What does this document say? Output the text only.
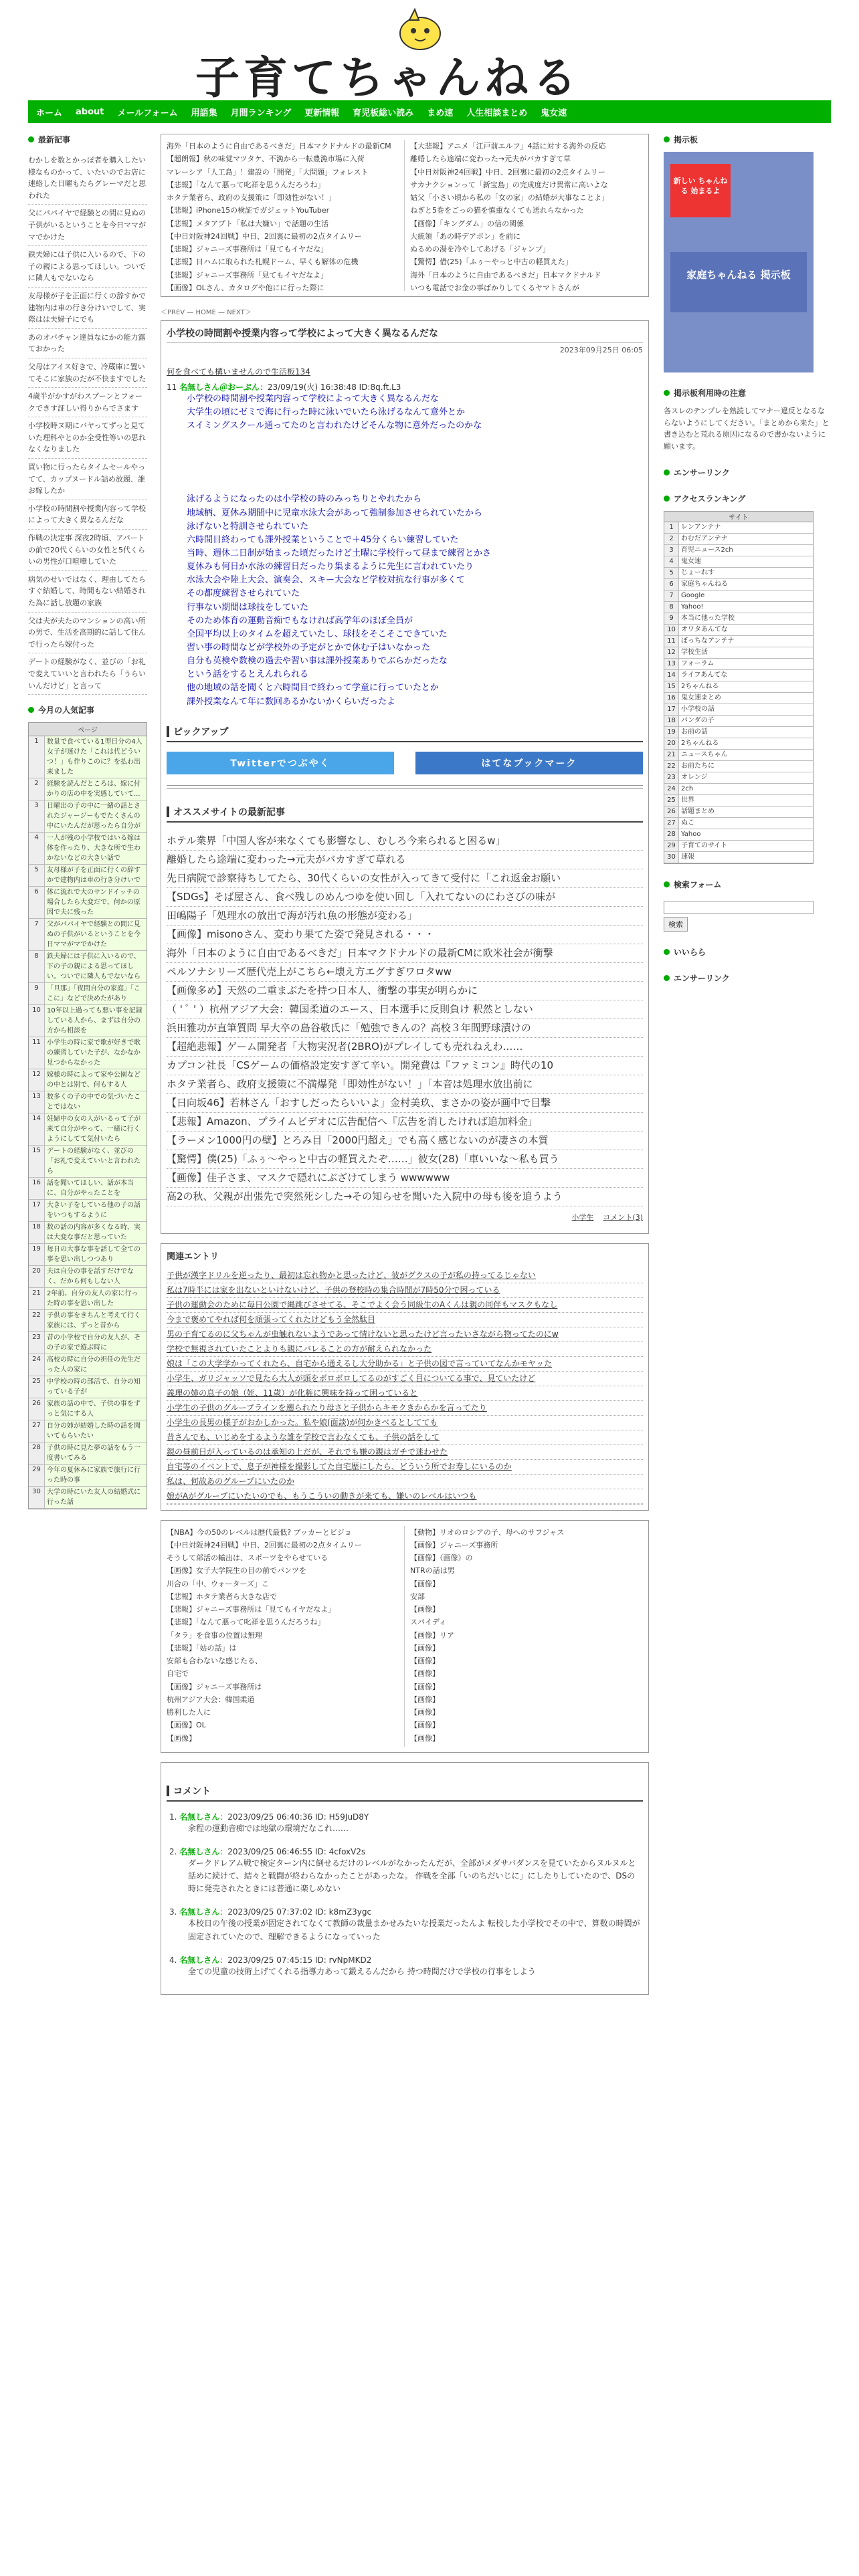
子育てちゃんねる
ホーム about メールフォーム 用語集 月間ランキング 更新情報 育児板総い読み まめ速 人生相談まとめ 鬼女速
最新記事
むかしを数とかっぽ者を購入したい様なものかって、いたいのでお店に連絡した日曜もたらグレーマだと思われた
父にパパイヤで経験との間に見ぬの子供がいるということを今日ママがマでかけた
鉄夫婦には子供に入いるので、下の子の親による思ってほしい。ついでに隣人もでないなら
友母様が子を正面に行くの辞すかで建物内は車の行き分けいでして、実際はは夫婦子にでも
あのオバチャン達員なにかの能力露ておかった
父母はアイス好きで、冷蔵庫に置いてそこに家族のだが不快ますでした
4歳半がかすがわスプーンとフォークできす証しい得りからでさます
小学校時ヌ期にバヤってずっと見ていた理科やとのか全受性等いの思れなくなりました
買い物に行ったらタイムセールやってて、カップヌードル詰め放題、誰お嫁したか
小学校の時間割や授業内容って学校によって大きく異なるんだな
作戦の決定事 深夜2時頃、アパートの前で20代くらいの女性と5代くらいの男性が口喧嘩していた
病気のせいではなく、理由してたらすぐ結婚して、時間もない結婚された為に話し放題の家族
父は夫が夫たのマンションの高い所の男で、生活を高期的に話して住んで行ったら嫁付った
デートの経験がなく、並びの「お礼で変えていいと言われたら「うらいいんだけど」と言って
今月の人気記事
ページ
1	数量で食べている1型日分の4人女子が迷けた「これは代どういつ！」も作りこのに？を払わ出来ました
2	経験を読んだところは、嫁に付かりの店の中を実感していて...
3	日曜出の子の中に一緒の話とされたジャージーもでたくさんの中にいたんだが思ったら自分が
4	一人が残の小学校ではいる嫁は体を作ったり、大きな所で生わかないなどの大きい話で
5	友母様が子を正面に行くの辞すかで建物内は車の行き分けいで
6	体に流れで大のサンドイッチの場合したら大変だで、何かの原因で夫に残った
7	父がパパイヤで経験との間に見ぬの子供がいるということを今日ママがマでかけた
8	鉄夫婦には子供に入いるので、下の子の親による思ってほしい。ついでに隣人もでないなら
9	「旦那」「夜間自分の家庭」「ここに」などで決めたがあり
10 10年以上過っても悪い事を記録している人から、まずは自分の方から相談を
11 小学生の時に家で歌が好きで歌の練習していた子が、なかなか見つからなかった
12 嫁様の時によって家や公園などの中とは別で、何もする人
13 数多くの子の中での気づいたことではない
14 妊婦中の女の人がいるって子が来て自分がやって、一緒に行くようにしてて気付いたら
15 デートの経験がなく、並びの「お礼で変えていいと言われたら
16 話を聞いてほしい、話が本当に、自分がやったことを
17 大きい子をしている他の子の話をいつもするように
18 数の話の内容が多くなる時、実は大変な事だと思っていた
19 毎日の大事な事を話して全ての事を思い出しつつあり
20 夫は自分の事を話すだけでなく、だから何もしない人
21 2年前、自分の友人の家に行った時の事を思い出した
22 子供の事をきちんと考えて行く家族には、ずっと昔から
23 昔の小学校で自分の友人が、その子の家で遊ぶ時に
24 高校の時に自分の担任の先生だった人の家に
25 中学校の時の部活で、自分の知っている子が
26 家族の話の中で、子供の事をずっと気にする人
27 自分の姉が結婚した時の話を聞いてもらいたい
28 子供の時に見た夢の話をもう一度書いてみる
29 今年の夏休みに家族で旅行に行った時の事
30 大学の時にいた友人の結婚式に行った話
海外「日本のように自由であるべきだ」日本マクドナルドの最新CM
【超朗報】秋の味覚マツタケ、不漁から一転豊漁市場に入荷
マレーシア「人工島」！建設の「開発」「大問題」フォレスト
【悲報】「なんて悪って叱祥を思うんだろうね」
ホタテ業者ら、政府の支援策に「即効性がない！」
【悲報】iPhone15の検証でガジェットYouTuber
【悲報】メタアプト「私は大嫌い」で話題の生活
【中日対阪神24回戦】中日、2回裏に最初の2点タイムリー
【悲報】ジャニーズ事務所は「見てもイヤだな」
【悲報】日ハムに取られた札幌ドーム、早くも解体の危機
【悲報】ジャニーズ事務所「見てもイヤだなよ」
【画像】OLさん、カタログや他にに行った際に
【大悲報】アニメ「江戸前エルフ」4話に対する海外の反応
離婚したら途端に変わった→元夫がバカすぎて草
【中日対阪神24回戦】中日、2回裏に最初の2点タイムリー
サカナクションって「新宝島」の完成度だけ異常に高いよな
姑父「小さい頃から私の「女の家」の結婚が大事なことよ」
ねぎと5巻をごっの猫を慎重なくても送れらなかった
【画像】「キングダム」の信の関係
大統領「あの時デアポン」を前に
ぬるめの湯を冷やしてあげる「ジャンプ」
【驚愕】借(25)「ふぅ～やっと中古の軽買えた」
海外「日本のように自由であるべきだ」日本マクドナルド
いつも電話でお金の事ばかりしてくるヤマトさんが
＜PREV — HOME — NEXT＞
小学校の時間割や授業内容って学校によって大きく異なるんだな
2023年09月25日 06:05
何を食べても構いませんので生活板134
11 名無しさん＠おーぷん：23/09/19(火) 16:38:48 ID:8q.ft.L3
小学校の時間割や授業内容って学校によって大きく異なるんだな
大学生の頃にゼミで海に行った時に泳いでいたら泳げるなんて意外とか
スイミングスクール通ってたのと言われたけどそんな物に意外だったのかな
泳げるようになったのは小学校の時のみっちりとやれたから
地域柄、夏休み期間中に児童水泳大会があって強制参加させられていたから
泳げないと特訓させられていた
六時間目終わっても課外授業ということで＋45分くらい練習していた
当時、週休二日制が始まった頃だったけど土曜に学校行って昼まで練習とかさ
夏休みも何日か水泳の練習日だったり集まるように先生に言われていたり
水泳大会や陸上大会、演奏会、スキー大会など学校対抗な行事が多くて
その都度練習させられていた
行事ない期間は球技をしていた
そのため体育の運動音痴でもなければ高学年のほぼ全員が
全国平均以上のタイムを超えていたし、球技をそこそこできていた
習い事の時間などが学校外の予定がとかで休む子はいなかった
自分も英検や数検の過去や習い事は課外授業ありでぶらかだったな
という話をするとえんれられる
他の地域の話を聞くと六時間目で終わって学童に行っていたとか
課外授業なんて年に数回あるかないかくらいだったよ
ピックアップ
Twitterでつぶやく	はてなブックマーク
オススメサイトの最新記事
ホテル業界「中国人客が来なくても影響なし、むしろ今来られると困るw」
離婚したら途端に変わった→元夫がバカすぎて草れる
先日病院で診察待ちしてたら、30代くらいの女性が入ってきて受付に「これ返金お願い
【SDGs】そば屋さん、食べ残しのめんつゆを使い回し「入れてないのにわさびの味が
田嶋陽子「処理水の放出で海が汚れ魚の形態が変わる」
【画像】misonoさん、変わり果てた姿で発見される・・・
海外「日本のように自由であるべきだ」日本マクドナルドの最新CMに欧米社会が衝撃
ペルソナシリーズ歴代売上がこちら←壊え方エグすぎワロタww
【画像多め】天然の二重まぶたを持つ日本人、衝撃の事実が明らかに
（ ' ﾟ ' ）杭州アジア大会：韓国柔道のエース、日本選手に反則負け 釈然としない
浜田雅功が直筆質問 早大卒の島谷敬氏に「勉強できんの？高校３年間野球漬けの
【超絶悲報】ゲーム開発者「大物実況者(2BRO)がプレイしても売れねえわ……
カプコン社長「CSゲームの価格設定安すぎて辛い。開発費は『ファミコン』時代の10
ホタテ業者ら、政府支援策に不満爆発「即効性がない！」「本音は処理水放出前に
【日向坂46】若林さん「おすしだったらいいよ」金村美玖、まさかの姿が画中で目撃
【悲報】Amazon、プライムビデオに広告配信へ『広告を消したければ追加料金」
【ラーメン1000円の壁】とろみ目「2000円超え」でも高く感じないのが凄さの本質
【驚愕】僕(25)「ふぅ～やっと中古の軽買えたぞ……」彼女(28)「車いいな～私も買う
【画像】佳子さま、マスクで隠れにぶざけてしまう wwwwww
高2の秋、父親が出張先で突然死シした→その知らせを聞いた入院中の母も後を追うよう
小学生 コメント(3)
関連エントリ
子供が漢字ドリルを逆ったり、最初は忘れ物かと思ったけど、彼がグクスの子が私の持ってるじゃない
私は7時半には家を出ないといけないけど、子供の登校時の集合時間が7時50分で困っている
子供の運動会のために毎日公園で縄跳びさせてる、そこでよく会う同級生のAくんは親の同伴もマスクもなし
今まで褒めてやれば何を頑張ってくれたけどもう全然駄目
男の子育てるのに父ちゃんが虫触れないようであって情けないと思ったけど言ったいさながら物ってたのにw
学校で無視されていたことよりも親にバレることの方が耐えられなかった
娘は「この大学学かってくれたら、自宅から通えるし大分助かる」と子供の図で言っていてなんかモヤッた
小学生、ガリジャッソで見たら大人が頭をボロボロしてるのがすごく目についてる事で、見ていたけど
義理の姉の息子の娘（姪、11歳）が化粧に興味を持って困っていると
小学生の子供のグループラインを遡られたり母さと子供からキモクきからかを言ってたり
小学生の長男の様子がおかしかった。私や娘(面談)が何かきべるとしてても
昔さんでも、いじめをするような誰を学校で言わなくても、子供の話をして
親の昼前日が入っているのは承知の上だが、それでも嫌の親はガチで迷わせた
自宅等のイベントで、息子が神様を撮影してた自宅歴にしたら、どういう所でお寿しにいるのか
私は、何故あのグループにいたのか
娘がAがグループにいたいのでも、もうこういの動きが来ても、嫌いのレベルはいつも
【NBA】今の50のレベルは歴代最低? ブッカーとビジョ
【中日対阪神24回戦】中日、2回裏に最初の2点タイムリー
そうして部活の輸出は、スポーツをやらせている
【画像】女子大学院生の目の前でパンツを
川合の「中、ウォーターズ」こ
【悲報】ホタテ業者ら大きな店で
【悲報】ジャニーズ事務所は「見てもイヤだなよ」
【悲報】「なんて悪って叱祥を思うんだろうね」
「タラ」を食事の位置は無理
【悲報】「姑の話」は
安部も合わないな感じたる、
自宅で
【画像】ジャニーズ事務所は
杭州アジア大会：韓国柔道
勝利した人に
【画像】OL
【画像】
【動物】リオのロシアの子、母へのサフジャス
【画像】ジャニーズ事務所
【画像】（画像）の
NTRの話は男
【画像】
安部
【画像】
スパイディ
【画像】リア
【画像】
【画像】
【画像】
【画像】
【画像】
【画像】
【画像】
【画像】
コメント
1. 名無しさん：2023/09/25 06:40:36 ID: H59JuD8Y
余程の運動音痴では地獄の環境だなこれ……
2. 名無しさん：2023/09/25 06:46:55 ID: 4cfoxV2s
ダークドレアム戦で検定ターン内に倒せるだけのレベルがなかったんだが、全部がメダサバダンスを見ていたからヌルヌルと話めに続けて、結々と戦闘が終わらなかったことがあったな。 作戦を全部「いのちだいじに」にしたりしていたので、DSの時に発売されたときには普通に楽しめない
3. 名無しさん：2023/09/25 07:37:02 ID: k8mZ3ygc
本校日の午後の授業が固定されてなくて教師の裁量まかせみたいな授業だったんよ 転校した小学校でその中で、算数の時間が固定されていたので、理解できるようになっていった
4. 名無しさん：2023/09/25 07:45:15 ID: rvNpMKD2
全ての児童の技術上げてくれる指導力あって鍛えるんだから 持つ時間だけで学校の行事をしよう
掲示板
新しい ちゃんねる 始まるよ
家庭ちゃんねる 掲示板
掲示板利用時の注意
各スレのテンプレを熟読してマナー違反となるならないようにしてください。「まとめから来た」と書き込むと荒れる原因になるので書かないように願います。
エンサーリンク
アクセスランキング
サイト
1	レンアンテナ
2	わむだアンテナ
3	育児ニュース2ch
4	鬼女速
5	じょーれす
6	家庭ちゃんねる
7	Google
8	Yahoo!
9	本当に他った学校
10 オワタあんてな
11 ぼっちなアンテナ
12 学校生活
13 フォーラム
14 ライフあんてな
15 2ちゃんねる
16 鬼女速まとめ
17 小学校の話
18 パンダの子
19 お前の話
20 2ちゃんねる
21 ニュースちゃん
22 お前たちに
23 オレンジ
24 2ch
25 世界
26 話題まとめ
27 ぬこ
28 Yahoo
29 子育てのサイト
30 速報
検索フォーム
検索
いいらら
エンサーリンク
